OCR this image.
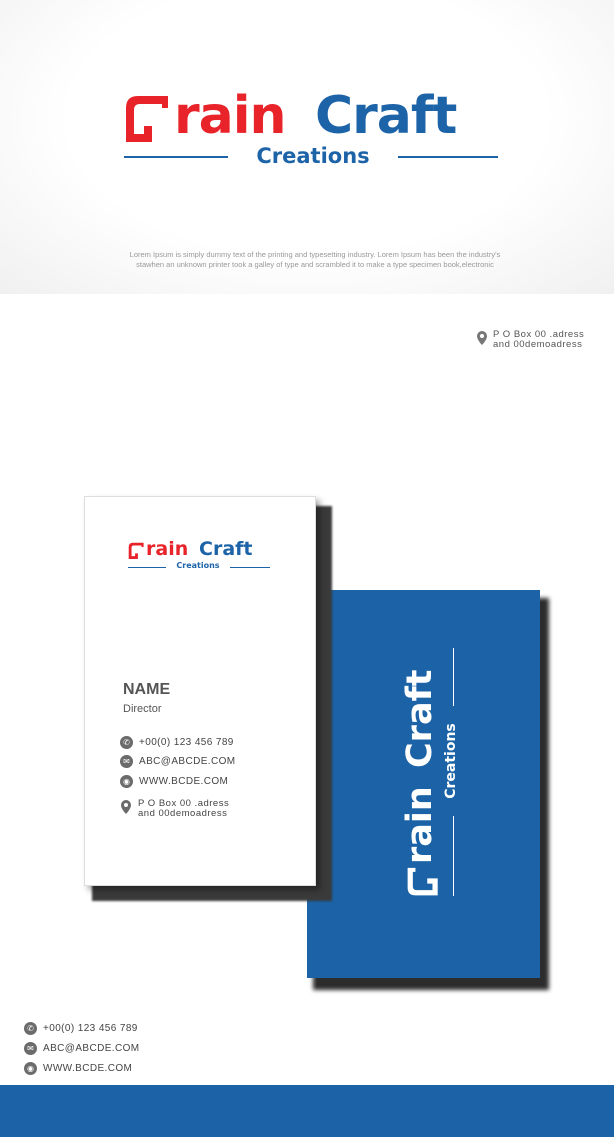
rain Craft
Creations
Lorem Ipsum is simply dummy text of the printing and typesetting industry. Lorem Ipsum has been the industry's stawhen an unknown printer took a galley of type and scrambled it to make a type specimen book,electronic
P O Box 00 .adress
and 00demoadress
rain
Craft Creations
rain Craft
Creations
NAME
Director
✆ +00(0) 123 456 789
✉ ABC@ABCDE.COM
◉ WWW.BCDE.COM
P O Box 00 .adress
and 00demoadress
✆ +00(0) 123 456 789
✉ ABC@ABCDE.COM
◉ WWW.BCDE.COM
